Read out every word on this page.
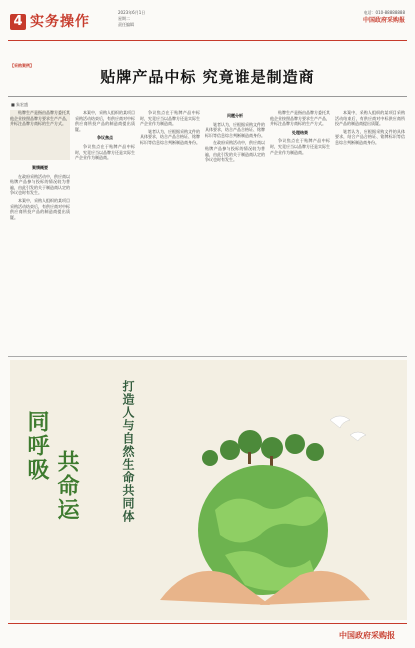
4 实务操作
2023年6月1日
星期二
责任编辑
电话：010-88888888
中国政府采购报
【采购案例】
贴牌产品中标 究竟谁是制造商
■ 朱宏盛

贴牌生产是指由品牌方委托其他企业按照品牌方要求生产产品，并标注品牌方商标的生产方式。

案情概要

在政府采购活动中，供应商以贴牌产品参与投标的情况较为普遍，由此引发的关于制造商认定的争议也时有发生。

本案中，采购人组织的某项目采购活动结束后，有供应商对中标供应商所投产品的制造商提出质疑。

本案中，采购人组织的某项目采购活动结束后，有供应商对中标供应商所投产品的制造商提出质疑。

争议焦点

争议焦点在于贴牌产品中标时，究竟应当以品牌方还是实际生产企业作为制造商。

争议焦点在于贴牌产品中标时，究竟应当以品牌方还是实际生产企业作为制造商。

笔者认为，应根据采购文件的具体要求，结合产品合格证、铭牌标识等信息综合判断制造商身份。

问题分析

笔者认为，应根据采购文件的具体要求，结合产品合格证、铭牌标识等信息综合判断制造商身份。

在政府采购活动中，供应商以贴牌产品参与投标的情况较为普遍，由此引发的关于制造商认定的争议也时有发生。

贴牌生产是指由品牌方委托其他企业按照品牌方要求生产产品，并标注品牌方商标的生产方式。

处理结果

争议焦点在于贴牌产品中标时，究竟应当以品牌方还是实际生产企业作为制造商。

本案中，采购人组织的某项目采购活动结束后，有供应商对中标供应商所投产品的制造商提出质疑。

笔者认为，应根据采购文件的具体要求，结合产品合格证、铭牌标识等信息综合判断制造商身份。

同呼吸
共命运	打造人与自然生命共同体
中国政府采购报
